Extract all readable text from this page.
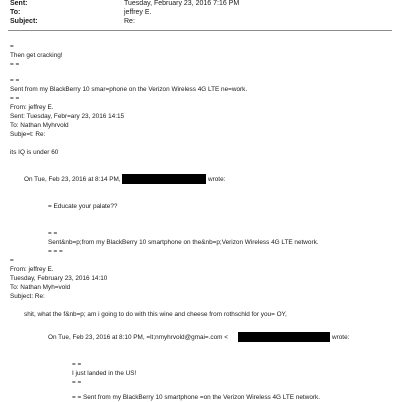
Sent:	Tuesday, February 23, 2016 7:16 PM
To:	jeffrey E.
Subject:	Re:
=
Then get cracking!
= =
= =
Sent from my BlackBerry 10 smar=phone on the Verizon Wireless 4G LTE ne=work.
= =
From: jeffrey E.
Sent: Tuesday, Febr=ary 23, 2016 14:15
To: Nathan Myhrvold
Subje=t: Re:
its IQ is under 60
On Tue, Feb 23, 2016 at 8:14 PM,	wrote:
= Educate your palate??
= =
Sent&nb=p;from my BlackBerry 10 smartphone on the&nb=p;Verizon Wireless 4G LTE network.
= = =
=
From: jeffrey E.
Tuesday, February 23, 2016 14:10
To: Nathan Myh=vold
Subject: Re:
shit, what the f&nb=p; am i going to do with this wine and cheese from rothschld for you= OY,
On Tue, Feb 23, 2016 at 8:10 PM, =lt;nmyhrvold@gmai=.com <	wrote:
= =
I just landed in the US!
= =
= = Sent from my BlackBerry 10 smartphone =on the Verizon Wireless 4G LTE network.
